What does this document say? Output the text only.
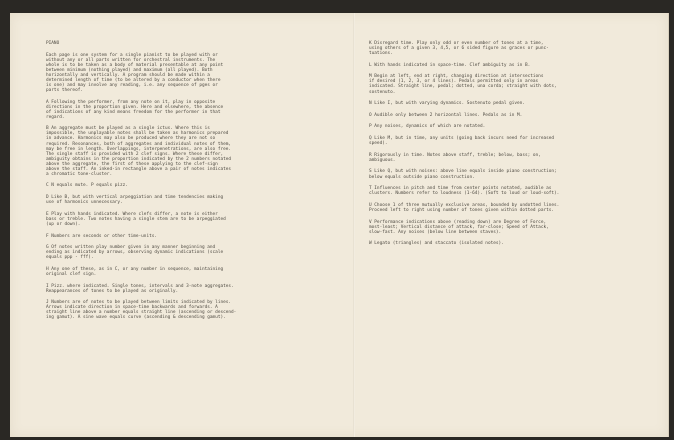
PIANO

Each page is one system for a single pianist to be played with or
without any or all parts written for orchestral instruments. The
whole is to be taken as a body of material presentable at any point
between minimum (nothing played) and maximum (all played). Both
horizontally and vertically. A program should be made within a
determined length of time (to be altered by a conductor when there
is one) and may involve any reading, i.e. any sequence of pges or
parts thereof.

A Following the performer, from any note on it, play in opposite
directions in the proportion given. Here and elsewhere, the absence
of indications of any kind means freedom for the performer in that
regard.

B An aggregate must be played as a single ictus. Where this is
impossible, the unplayable notes shall be taken as harmonics prepared
in advance. Harmonics may also be produced where they are not so
required. Resonances, both of aggregates and individual notes of them,
may be free in length. Overlappings, interpenetrations, are also free.
The single staff is provided with 2 clef signs. Where these differ,
ambiguity obtains in the proportion indicated by the 2 numbers notated
above the aggregate, the first of these applying to the clef-sign
above the staff. An inked-in rectangle above a pair of notes indicates
a chromatic tone-cluster.

C N equals mute. P equals pizz.

D Like B, but with vertical arpeggiation and time tendencies making
use of harmonics unnecessary.

E Play with hands indicated. Where clefs differ, a note is either
bass or treble. Two notes having a single stem are to be arpeggiated
(up or down).

F Numbers are seconds or other time-units.

G Of notes written play number given in any manner beginning and
ending as indicated by arrows, observing dynamic indications (scale
equals ppp - fff).

H Any one of these, as in C, or any number in sequence, maintaining
original clef sign.

I Pizz. where indicated. Single tones, intervals and 3-note aggregates.
Reappearances of tones to be played as originally.

J Numbers are of notes to be played between limits indicated by lines.
Arrows indicate direction in space-time backwards and forwards. A
straight line above a number equals straight line (ascending or descend-
ing gamut). A sine wave equals curve (ascending & descending gamut).

K Disregard time. Play only odd or even number of tones at a time,
using others of a given 3, 4,5, or 6 sided figure as graces or punc-
tuations.

L With hands indicated in space-time. Clef ambiguity as in B.

M Begin at left, end at right, changing direction at intersections
if desired (1, 2, 3, or 4 lines). Pedals permitted only in areas
indicated. Straight line, pedal; dotted, una corda; straight with dots,
sostenuto.

N Like I, but with varying dynamics. Sostenuto pedal given.

O Audible only between 2 horizontal lines. Pedals as in M.

P Any noises, dynamics of which are notated.

Q Like M, but in time, any units (going back incurs need for increased
speed).

R Rigorously in time. Notes above staff, treble; below, bass; on,
ambiguous.

S Like Q, but with noises: above line equals inside piano construction;
below equals outside piano construction.

T Influences in pitch and time from center points notated, audible as
clusters. Numbers refer to loudness (1-64). (Soft to loud or loud-soft).

U Choose 1 of three mutually exclusive areas, bounded by undotted lines.
Proceed left to right using number of tones given within dotted parts.

V Performance indications above (reading down) are Degree of Force,
most-least; Vertical distance of attack, far-close; Speed of Attack,
slow-fast. Any noises (below line between staves).

W Legato (triangles) and staccato (isolated notes).
